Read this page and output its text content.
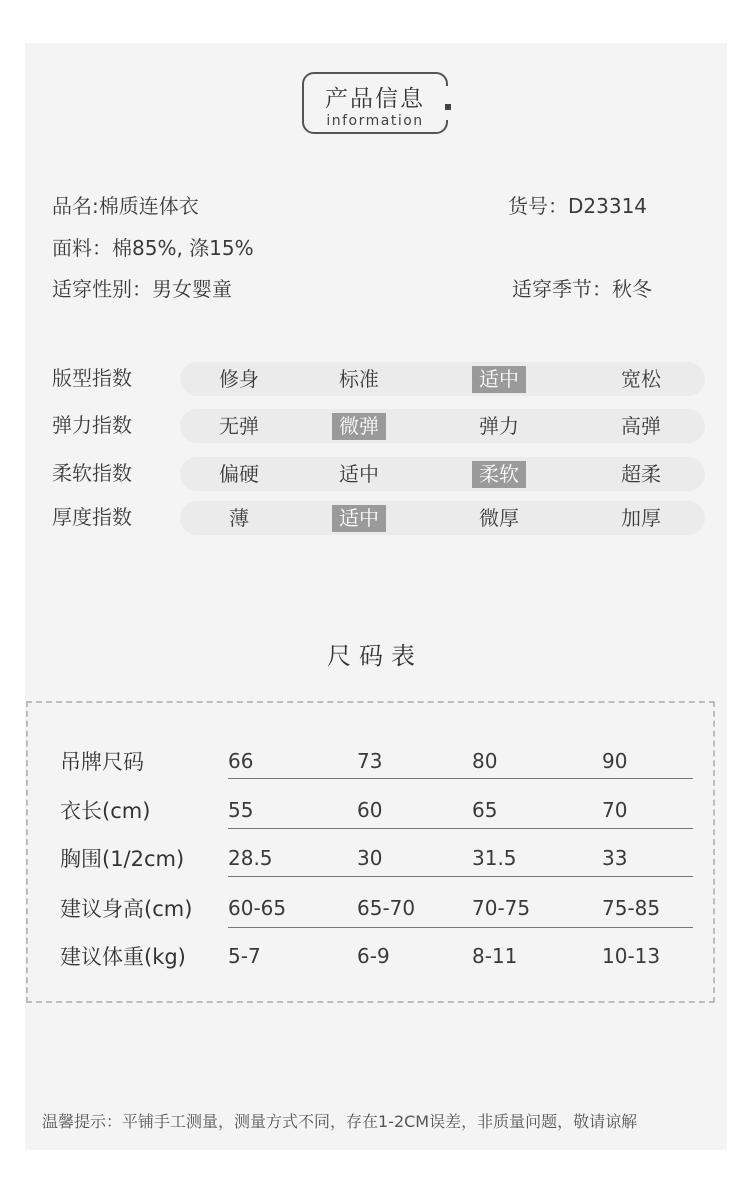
产品信息
information
品名:棉质连体衣	货号：D23314
面料：棉85%, 涤15%
适穿性别：男女婴童	适穿季节：秋冬
版型指数	修身	标准	适中	宽松
弹力指数	无弹	微弹	弹力	高弹
柔软指数	偏硬	适中	柔软	超柔
厚度指数	薄	适中	微厚	加厚
尺码表
吊牌尺码	66	73	80	90
衣长(cm)	55	60	65	70
胸围(1/2cm) 28.5	30	31.5	33
建议身高(cm) 60-65	65-70	70-75	75-85
建议体重(kg) 5-7	6-9	8-11	10-13
温馨提示：平铺手工测量，测量方式不同，存在1-2CM误差，非质量问题，敬请谅解
